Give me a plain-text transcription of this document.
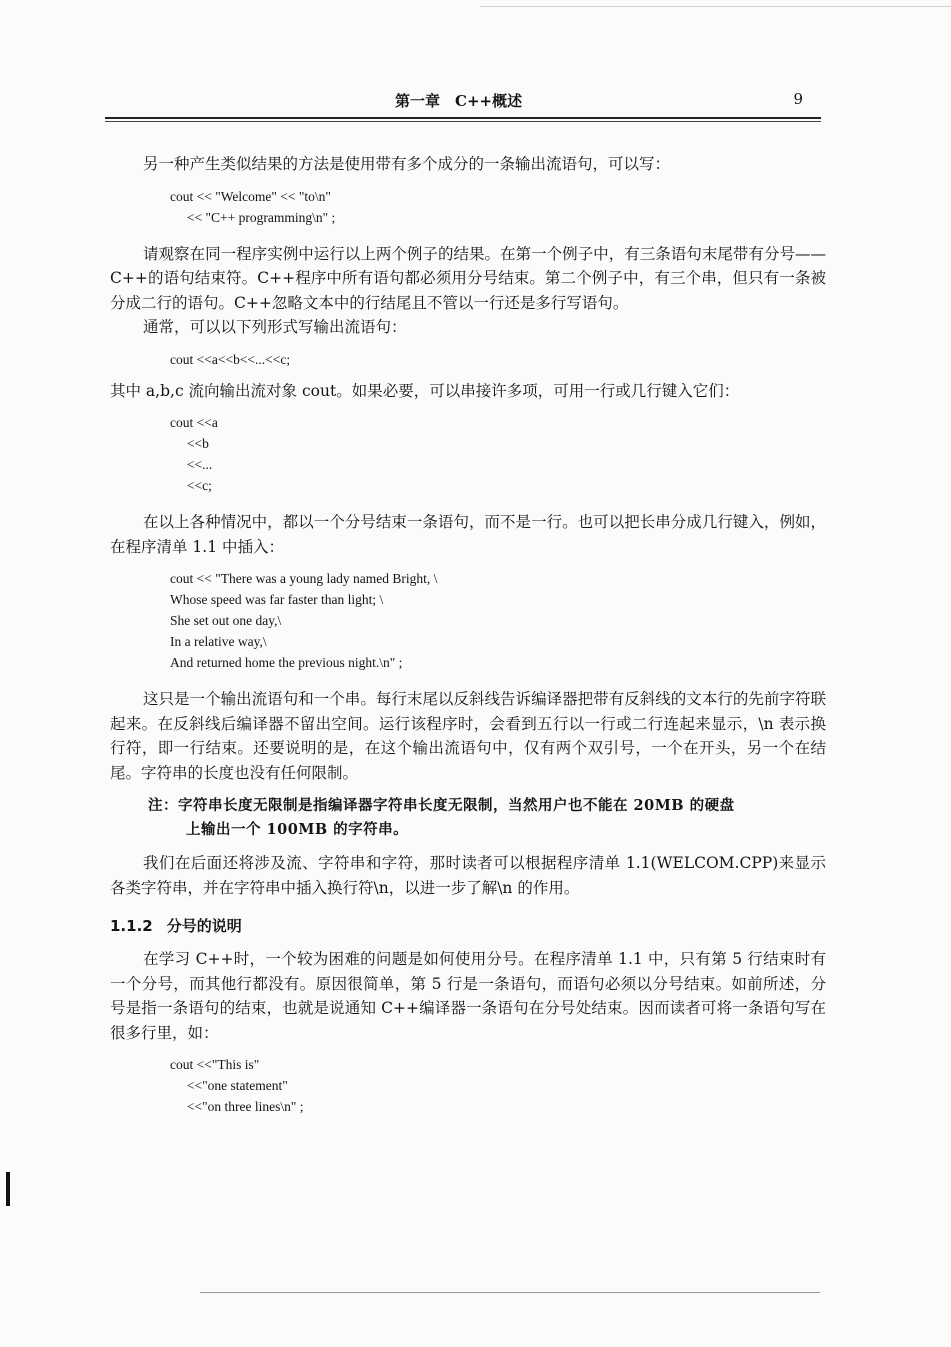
第一章　C++概述	9

另一种产生类似结果的方法是使用带有多个成分的一条输出流语句，可以写：

cout << "Welcome" << "to\n"
<< "C++ programming\n" ;

请观察在同一程序实例中运行以上两个例子的结果。在第一个例子中，有三条语句末尾带有分号——C++的语句结束符。C++程序中所有语句都必须用分号结束。第二个例子中，有三个串，但只有一条被分成二行的语句。C++忽略文本中的行结尾且不管以一行还是多行写语句。

通常，可以以下列形式写输出流语句：

cout <<a<<b<<...<<c;

其中 a,b,c 流向输出流对象 cout。如果必要，可以串接许多项，可用一行或几行键入它们：

cout <<a
<<b
<<...
<<c;

在以上各种情况中，都以一个分号结束一条语句，而不是一行。也可以把长串分成几行键入，例如，在程序清单 1.1 中插入：

cout << "There was a young lady named Bright, \
Whose speed was far faster than light; \
She set out one day,\
In a relative way,\
And returned home the previous night.\n" ;

这只是一个输出流语句和一个串。每行末尾以反斜线告诉编译器把带有反斜线的文本行的先前字符联起来。在反斜线后编译器不留出空间。运行该程序时，会看到五行以一行或二行连起来显示，\n 表示换行符，即一行结束。还要说明的是，在这个输出流语句中，仅有两个双引号，一个在开头，另一个在结尾。字符串的长度也没有任何限制。

注：字符串长度无限制是指编译器字符串长度无限制，当然用户也不能在 20MB 的硬盘
上输出一个 100MB 的字符串。

我们在后面还将涉及流、字符串和字符，那时读者可以根据程序清单 1.1(WELCOM.CPP)来显示各类字符串，并在字符串中插入换行符\n，以进一步了解\n 的作用。

1.1.2 分号的说明

在学习 C++时，一个较为困难的问题是如何使用分号。在程序清单 1.1 中，只有第 5 行结束时有一个分号，而其他行都没有。原因很简单，第 5 行是一条语句，而语句必须以分号结束。如前所述，分号是指一条语句的结束，也就是说通知 C++编译器一条语句在分号处结束。因而读者可将一条语句写在很多行里，如：

cout <<"This is"
<<"one statement"
<<"on three lines\n" ;
